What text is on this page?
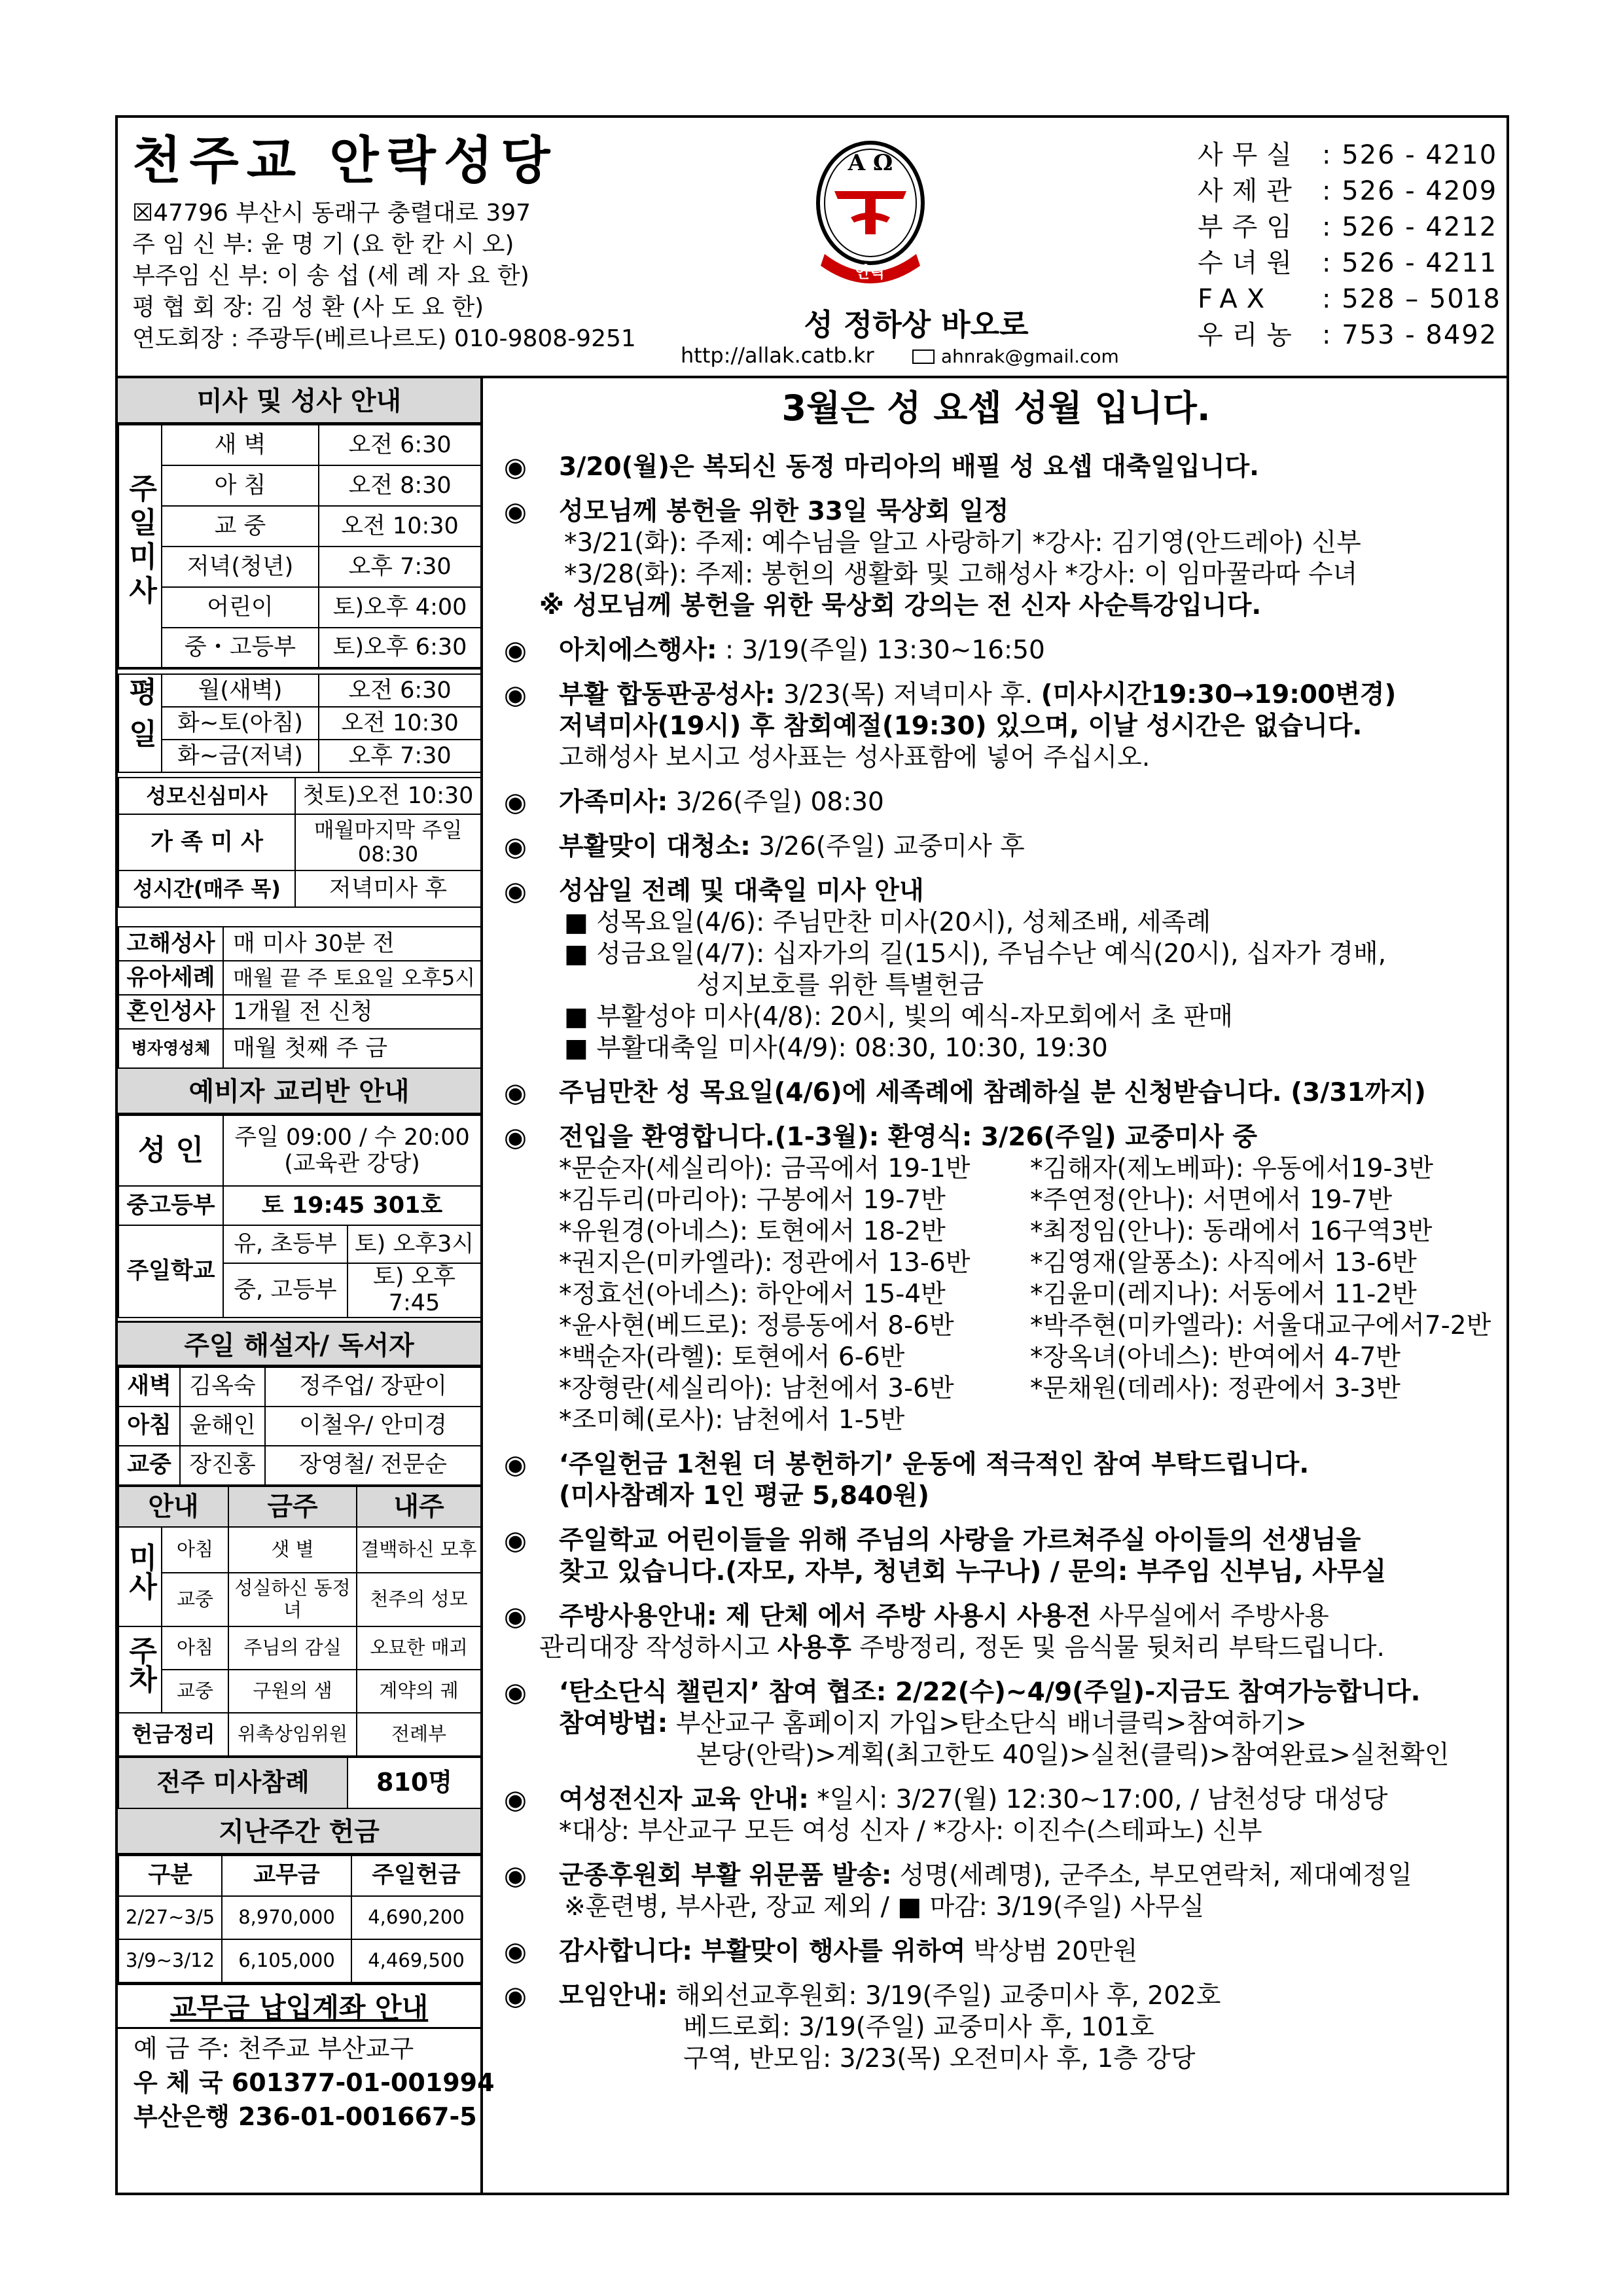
천주교 안락성당
☒47796 부산시 동래구 충렬대로 397
주 임 신 부: 윤 명 기 (요 한 칸 시 오)
부주임 신 부: 이 송 섭 (세 례 자 요 한)
평 협 회 장: 김 성 환 (사 도 요 한)
연도회장 : 주광두(베르나르도) 010-9808-9251
Α Ω
안락
성 정하상 바오로
http://allak.catb.kr	ahnrak@gmail.com
사무실 : 526 - 4210
사제관 : 526 - 4209
부주임 : 526 - 4212
수녀원 : 526 - 4211
FAX : 528 – 5018
우리농 : 753 - 8492
미사 및 성사 안내
주일미사	새 벽	오전 6:30
	아 침	오전 8:30
	교 중	오전 10:30
	저녁(청년)	오후 7:30
	어린이	토)오후 4:00
	중・고등부	토)오후 6:30
평일	월(새벽)	오전 6:30
	화~토(아침)	오전 10:30
	화~금(저녁)	오후 7:30
성모신심미사	첫토)오전 10:30
가 족 미 사	매월마지막 주일 08:30
성시간(매주 목)	저녁미사 후
고해성사	매 미사 30분 전
유아세례	매월 끝 주 토요일 오후5시
혼인성사	1개월 전 신청
병자영성체	매월 첫째 주 금
예비자 교리반 안내
성 인	주일 09:00 / 수 20:00 (교육관 강당)	
중고등부	토 19:45 301호	
주일학교	유, 초등부	토) 오후3시
	중, 고등부	토) 오후7:45
주일 해설자/ 독서자
새벽	김옥숙	정주업/ 장판이
아침	윤해인	이철우/ 안미경
교중	장진홍	장영철/ 전문순
안내		금주	내주
미사	아침	샛 별	결백하신 모후
	교중	성실하신 동정녀	천주의 성모
주차	아침	주님의 감실	오묘한 매괴
	교중	구원의 샘	계약의 궤
헌금정리		위촉상임위원	전례부
전주 미사참례	810명
지난주간 헌금
구분	교무금	주일헌금
2/27~3/5	8,970,000	4,690,200
3/9~3/12	6,105,000	4,469,500
교무금 납입계좌 안내
예 금 주: 천주교 부산교구
우 체 국 601377-01-001994
부산은행 236-01-001667-5
3월은 성 요셉 성월 입니다.
◉ 3/20(월)은 복되신 동정 마리아의 배필 성 요셉 대축일입니다.
◉ 성모님께 봉헌을 위한 33일 묵상회 일정
*3/21(화): 주제: 예수님을 알고 사랑하기 *강사: 김기영(안드레아) 신부
*3/28(화): 주제: 봉헌의 생활화 및 고해성사 *강사: 이 임마꿀라따 수녀
※ 성모님께 봉헌을 위한 묵상회 강의는 전 신자 사순특강입니다.
◉ 아치에스행사: : 3/19(주일) 13:30~16:50
◉ 부활 합동판공성사: 3/23(목) 저녁미사 후. (미사시간19:30→19:00변경)
저녁미사(19시) 후 참회예절(19:30) 있으며, 이날 성시간은 없습니다.
고해성사 보시고 성사표는 성사표함에 넣어 주십시오.
◉ 가족미사: 3/26(주일) 08:30
◉ 부활맞이 대청소: 3/26(주일) 교중미사 후
◉ 성삼일 전례 및 대축일 미사 안내
■ 성목요일(4/6): 주님만찬 미사(20시), 성체조배, 세족례
■ 성금요일(4/7): 십자가의 길(15시), 주님수난 예식(20시), 십자가 경배,
성지보호를 위한 특별헌금
■ 부활성야 미사(4/8): 20시, 빛의 예식-자모회에서 초 판매
■ 부활대축일 미사(4/9): 08:30, 10:30, 19:30
◉ 주님만찬 성 목요일(4/6)에 세족례에 참례하실 분 신청받습니다. (3/31까지)
◉ 전입을 환영합니다.(1-3월): 환영식: 3/26(주일) 교중미사 중
*문순자(세실리아): 금곡에서 19-1반	*김해자(제노베파): 우동에서19-3반
*김두리(마리아): 구봉에서 19-7반	*주연정(안나): 서면에서 19-7반
*유원경(아네스): 토현에서 18-2반	*최정임(안나): 동래에서 16구역3반
*권지은(미카엘라): 정관에서 13-6반	*김영재(알퐁소): 사직에서 13-6반
*정효선(아네스): 하안에서 15-4반	*김윤미(레지나): 서동에서 11-2반
*윤사현(베드로): 정릉동에서 8-6반	*박주현(미카엘라): 서울대교구에서7-2반
*백순자(라헬): 토현에서 6-6반	*장옥녀(아네스): 반여에서 4-7반
*장형란(세실리아): 남천에서 3-6반	*문채원(데레사): 정관에서 3-3반
*조미혜(로사): 남천에서 1-5반
◉ ‘주일헌금 1천원 더 봉헌하기’ 운동에 적극적인 참여 부탁드립니다.
(미사참례자 1인 평균 5,840원)
◉ 주일학교 어린이들을 위해 주님의 사랑을 가르쳐주실 아이들의 선생님을
찾고 있습니다.(자모, 자부, 청년회 누구나) / 문의: 부주임 신부님, 사무실
◉ 주방사용안내: 제 단체 에서 주방 사용시 사용전 사무실에서 주방사용
관리대장 작성하시고 사용후 주방정리, 정돈 및 음식물 뒷처리 부탁드립니다.
◉ ‘탄소단식 챌린지’ 참여 협조: 2/22(수)~4/9(주일)-지금도 참여가능합니다.
참여방법: 부산교구 홈페이지 가입>탄소단식 배너클릭>참여하기>
본당(안락)>계획(최고한도 40일)>실천(클릭)>참여완료>실천확인
◉ 여성전신자 교육 안내: *일시: 3/27(월) 12:30~17:00, / 남천성당 대성당
*대상: 부산교구 모든 여성 신자 / *강사: 이진수(스테파노) 신부
◉ 군종후원회 부활 위문품 발송: 성명(세례명), 군주소, 부모연락처, 제대예정일
※훈련병, 부사관, 장교 제외 / ■ 마감: 3/19(주일) 사무실
◉ 감사합니다: 부활맞이 행사를 위하여 박상범 20만원
◉ 모임안내: 해외선교후원회: 3/19(주일) 교중미사 후, 202호
베드로회: 3/19(주일) 교중미사 후, 101호
구역, 반모임: 3/23(목) 오전미사 후, 1층 강당
